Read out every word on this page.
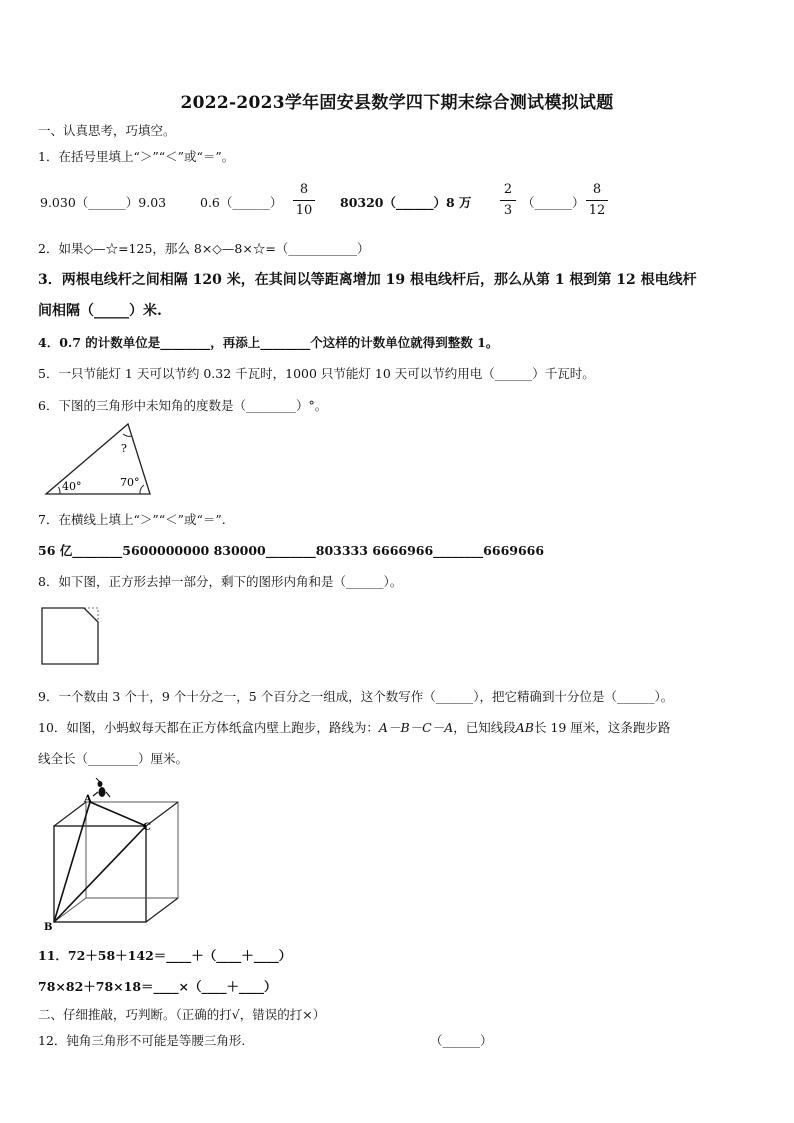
2022-2023学年固安县数学四下期末综合测试模拟试题
一、认真思考，巧填空。
1．在括号里填上“＞”“＜”或“＝”。
9.030（______）9.03	0.6（______）
8
10
80320（______）8 万
2
3
（______）
8
12
2．如果◇—☆=125，那么 8×◇—8×☆=（___________）
3．两根电线杆之间相隔 120 米，在其间以等距离增加 19 根电线杆后，那么从第 1 根到第 12 根电线杆
间相隔（_____）米.
4．0.7 的计数单位是________，再添上________个这样的计数单位就得到整数 1。
5．一只节能灯 1 天可以节约 0.32 千瓦时，1000 只节能灯 10 天可以节约用电（______）千瓦时。
6．下图的三角形中未知角的度数是（________）°。
40°	70°
?
7．在横线上填上“＞”“＜”或“＝”.
56 亿________5600000000 830000________803333 6666966________6669666
8．如下图，正方形去掉一部分，剩下的图形内角和是（______）。
9．一个数由 3 个十，9 个十分之一，5 个百分之一组成，这个数写作（______），把它精确到十分位是（______）。
10．如图，小蚂蚁每天都在正方体纸盒内壁上跑步，路线为：A－B－C－A，已知线段AB长 19 厘米，这条跑步路
线全长（________）厘米。
A
B
C
11．72＋58＋142＝____＋（____＋____）
78×82＋78×18＝____×（____＋____）
二、仔细推敲，巧判断。（正确的打√，错误的打×）
12．钝角三角形不可能是等腰三角形.	（______）
